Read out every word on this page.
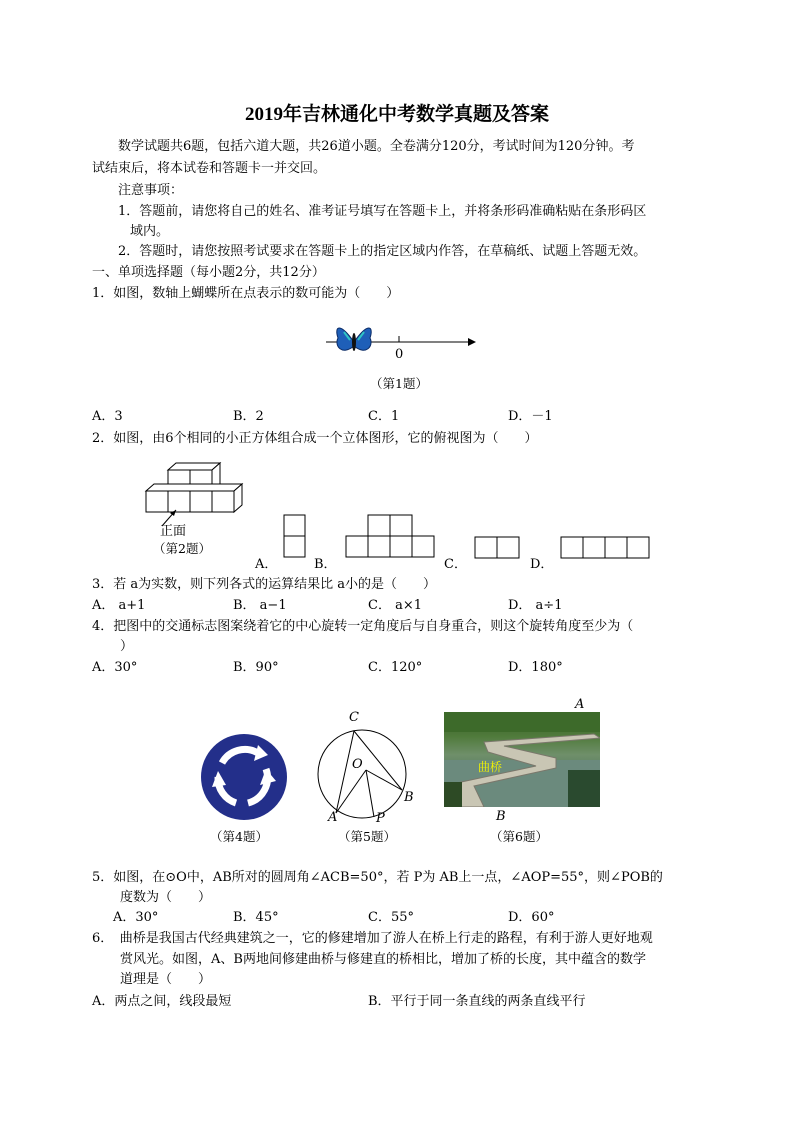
2019年吉林通化中考数学真题及答案
数学试题共6题，包括六道大题，共26道小题。全卷满分120分，考试时间为120分钟。考
试结束后，将本试卷和答题卡一并交回。
注意事项：
1．答题前，请您将自己的姓名、准考证号填写在答题卡上，并将条形码准确粘贴在条形码区
域内。
2．答题时，请您按照考试要求在答题卡上的指定区域内作答，在草稿纸、试题上答题无效。
一、单项选择题（每小题2分，共12分）
1．如图，数轴上蝴蝶所在点表示的数可能为（　　）
0
（第1题）
A．3	B．2	C．1	D．－1
2．如图，由6个相同的小正方体组合成一个立体图形，它的俯视图为（　　）
正面
（第2题）
A．	B．	C．	D．
3．若 a为实数，则下列各式的运算结果比 a小的是（　　）
A． a+1	B． a−1	C． a×1	D． a÷1
4．把图中的交通标志图案绕着它的中心旋转一定角度后与自身重合，则这个旋转角度至少为（
）
A．30°	B．90°	C．120°	D．180°
（第4题）
C
O
A	P
B
（第5题）
A
曲桥
B
（第6题）
5．如图，在⊙O中，AB所对的圆周角∠ACB=50°，若 P为 AB上一点，∠AOP=55°，则∠POB的
度数为（　　）
A．30°	B．45°	C．55°	D．60°
6．　曲桥是我国古代经典建筑之一，它的修建增加了游人在桥上行走的路程，有利于游人更好地观
赏风光。如图，A、B两地间修建曲桥与修建直的桥相比，增加了桥的长度，其中蕴含的数学
道理是（　　）
A．两点之间，线段最短	B．平行于同一条直线的两条直线平行
